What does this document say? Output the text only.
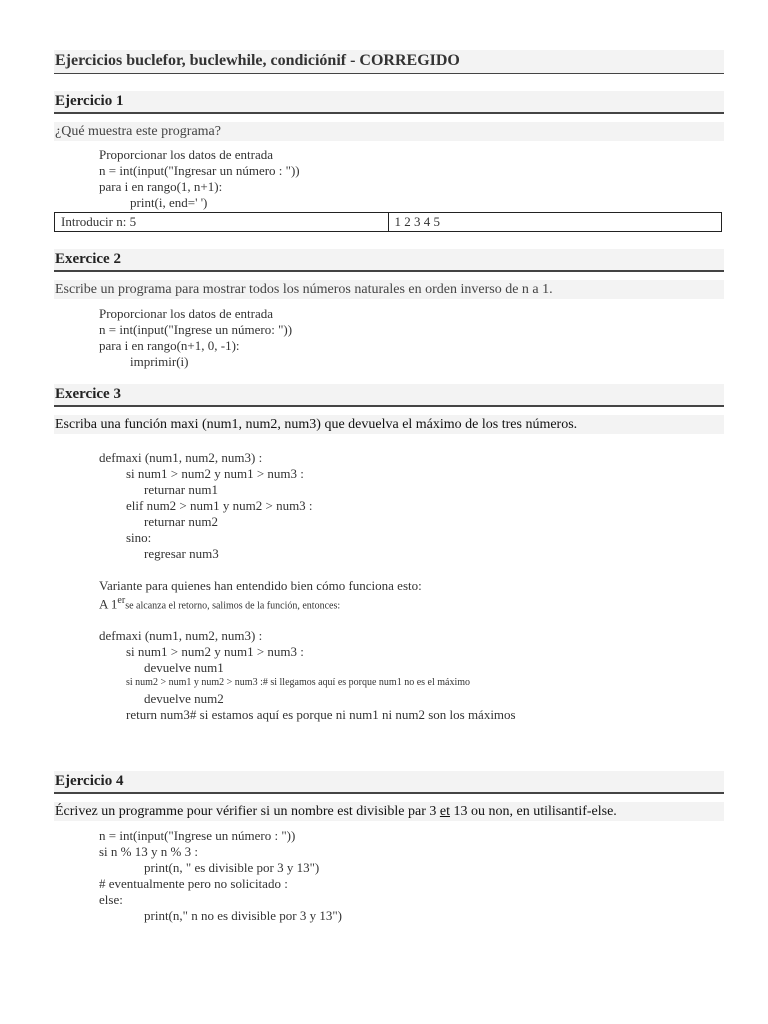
Ejercicios buclefor, buclewhile, condiciónif - CORREGIDO
Ejercicio 1
¿Qué muestra este programa?
Proporcionar los datos de entrada
n = int(input("Ingresar un número : "))
para i en rango(1, n+1):
print(i, end=' ')
Introducir n: 5	1 2 3 4 5
Exercice 2
Escribe un programa para mostrar todos los números naturales en orden inverso de n a 1.
Proporcionar los datos de entrada
n = int(input("Ingrese un número: "))
para i en rango(n+1, 0, -1):
imprimir(i)
Exercice 3
Escriba una función maxi (num1, num2, num3) que devuelva el máximo de los tres números.
defmaxi (num1, num2, num3) :
si num1 > num2 y num1 > num3 :
returnar num1
elif num2 > num1 y num2 > num3 :
returnar num2
sino:
regresar num3
Variante para quienes han entendido bien cómo funciona esto:
A 1erse alcanza el retorno, salimos de la función, entonces:
defmaxi (num1, num2, num3) :
si num1 > num2 y num1 > num3 :
devuelve num1
si num2 > num1 y num2 > num3 :# si llegamos aquí es porque num1 no es el máximo
devuelve num2
return num3# si estamos aquí es porque ni num1 ni num2 son los máximos
Ejercicio 4
Écrivez un programme pour vérifier si un nombre est divisible par 3 et 13 ou non, en utilisantif-else.
n = int(input("Ingrese un número : "))
si n % 13 y n % 3 :
print(n, " es divisible por 3 y 13")
# eventualmente pero no solicitado :
else:
print(n," n no es divisible por 3 y 13")
